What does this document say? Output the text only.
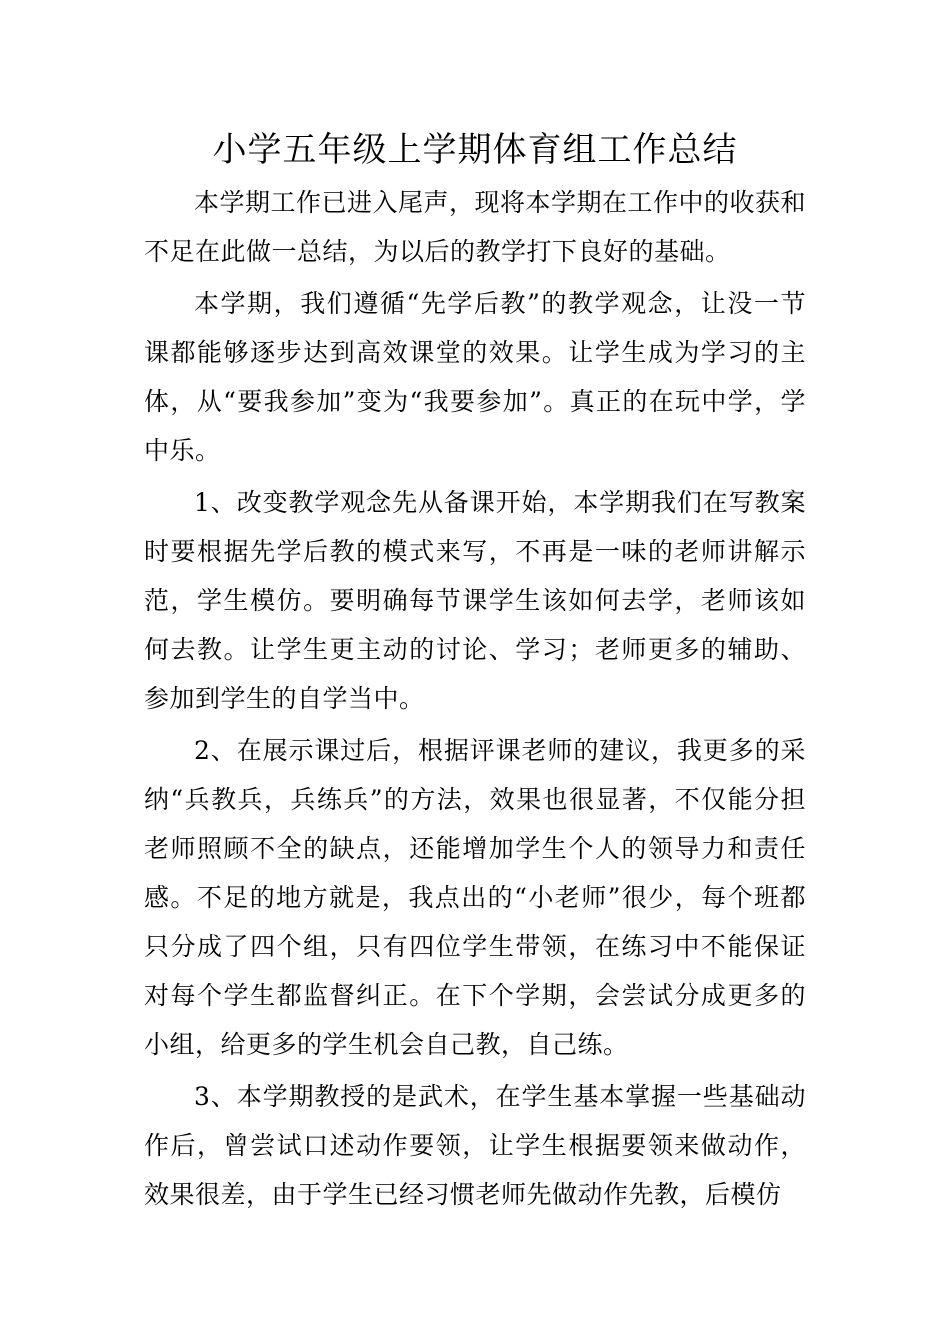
小学五年级上学期体育组工作总结

本学期工作已进入尾声，现将本学期在工作中的收获和不足在此做一总结，为以后的教学打下良好的基础。

本学期，我们遵循“先学后教”的教学观念，让没一节课都能够逐步达到高效课堂的效果。让学生成为学习的主体，从“要我参加”变为“我要参加”。真正的在玩中学，学中乐。

1、改变教学观念先从备课开始，本学期我们在写教案时要根据先学后教的模式来写，不再是一味的老师讲解示范，学生模仿。要明确每节课学生该如何去学，老师该如何去教。让学生更主动的讨论、学习；老师更多的辅助、参加到学生的自学当中。

2、在展示课过后，根据评课老师的建议，我更多的采纳“兵教兵，兵练兵”的方法，效果也很显著，不仅能分担老师照顾不全的缺点，还能增加学生个人的领导力和责任感。不足的地方就是，我点出的“小老师”很少，每个班都只分成了四个组，只有四位学生带领，在练习中不能保证对每个学生都监督纠正。在下个学期，会尝试分成更多的小组，给更多的学生机会自己教，自己练。

3、本学期教授的是武术，在学生基本掌握一些基础动作后，曾尝试口述动作要领，让学生根据要领来做动作，效果很差，由于学生已经习惯老师先做动作先教，后模仿
